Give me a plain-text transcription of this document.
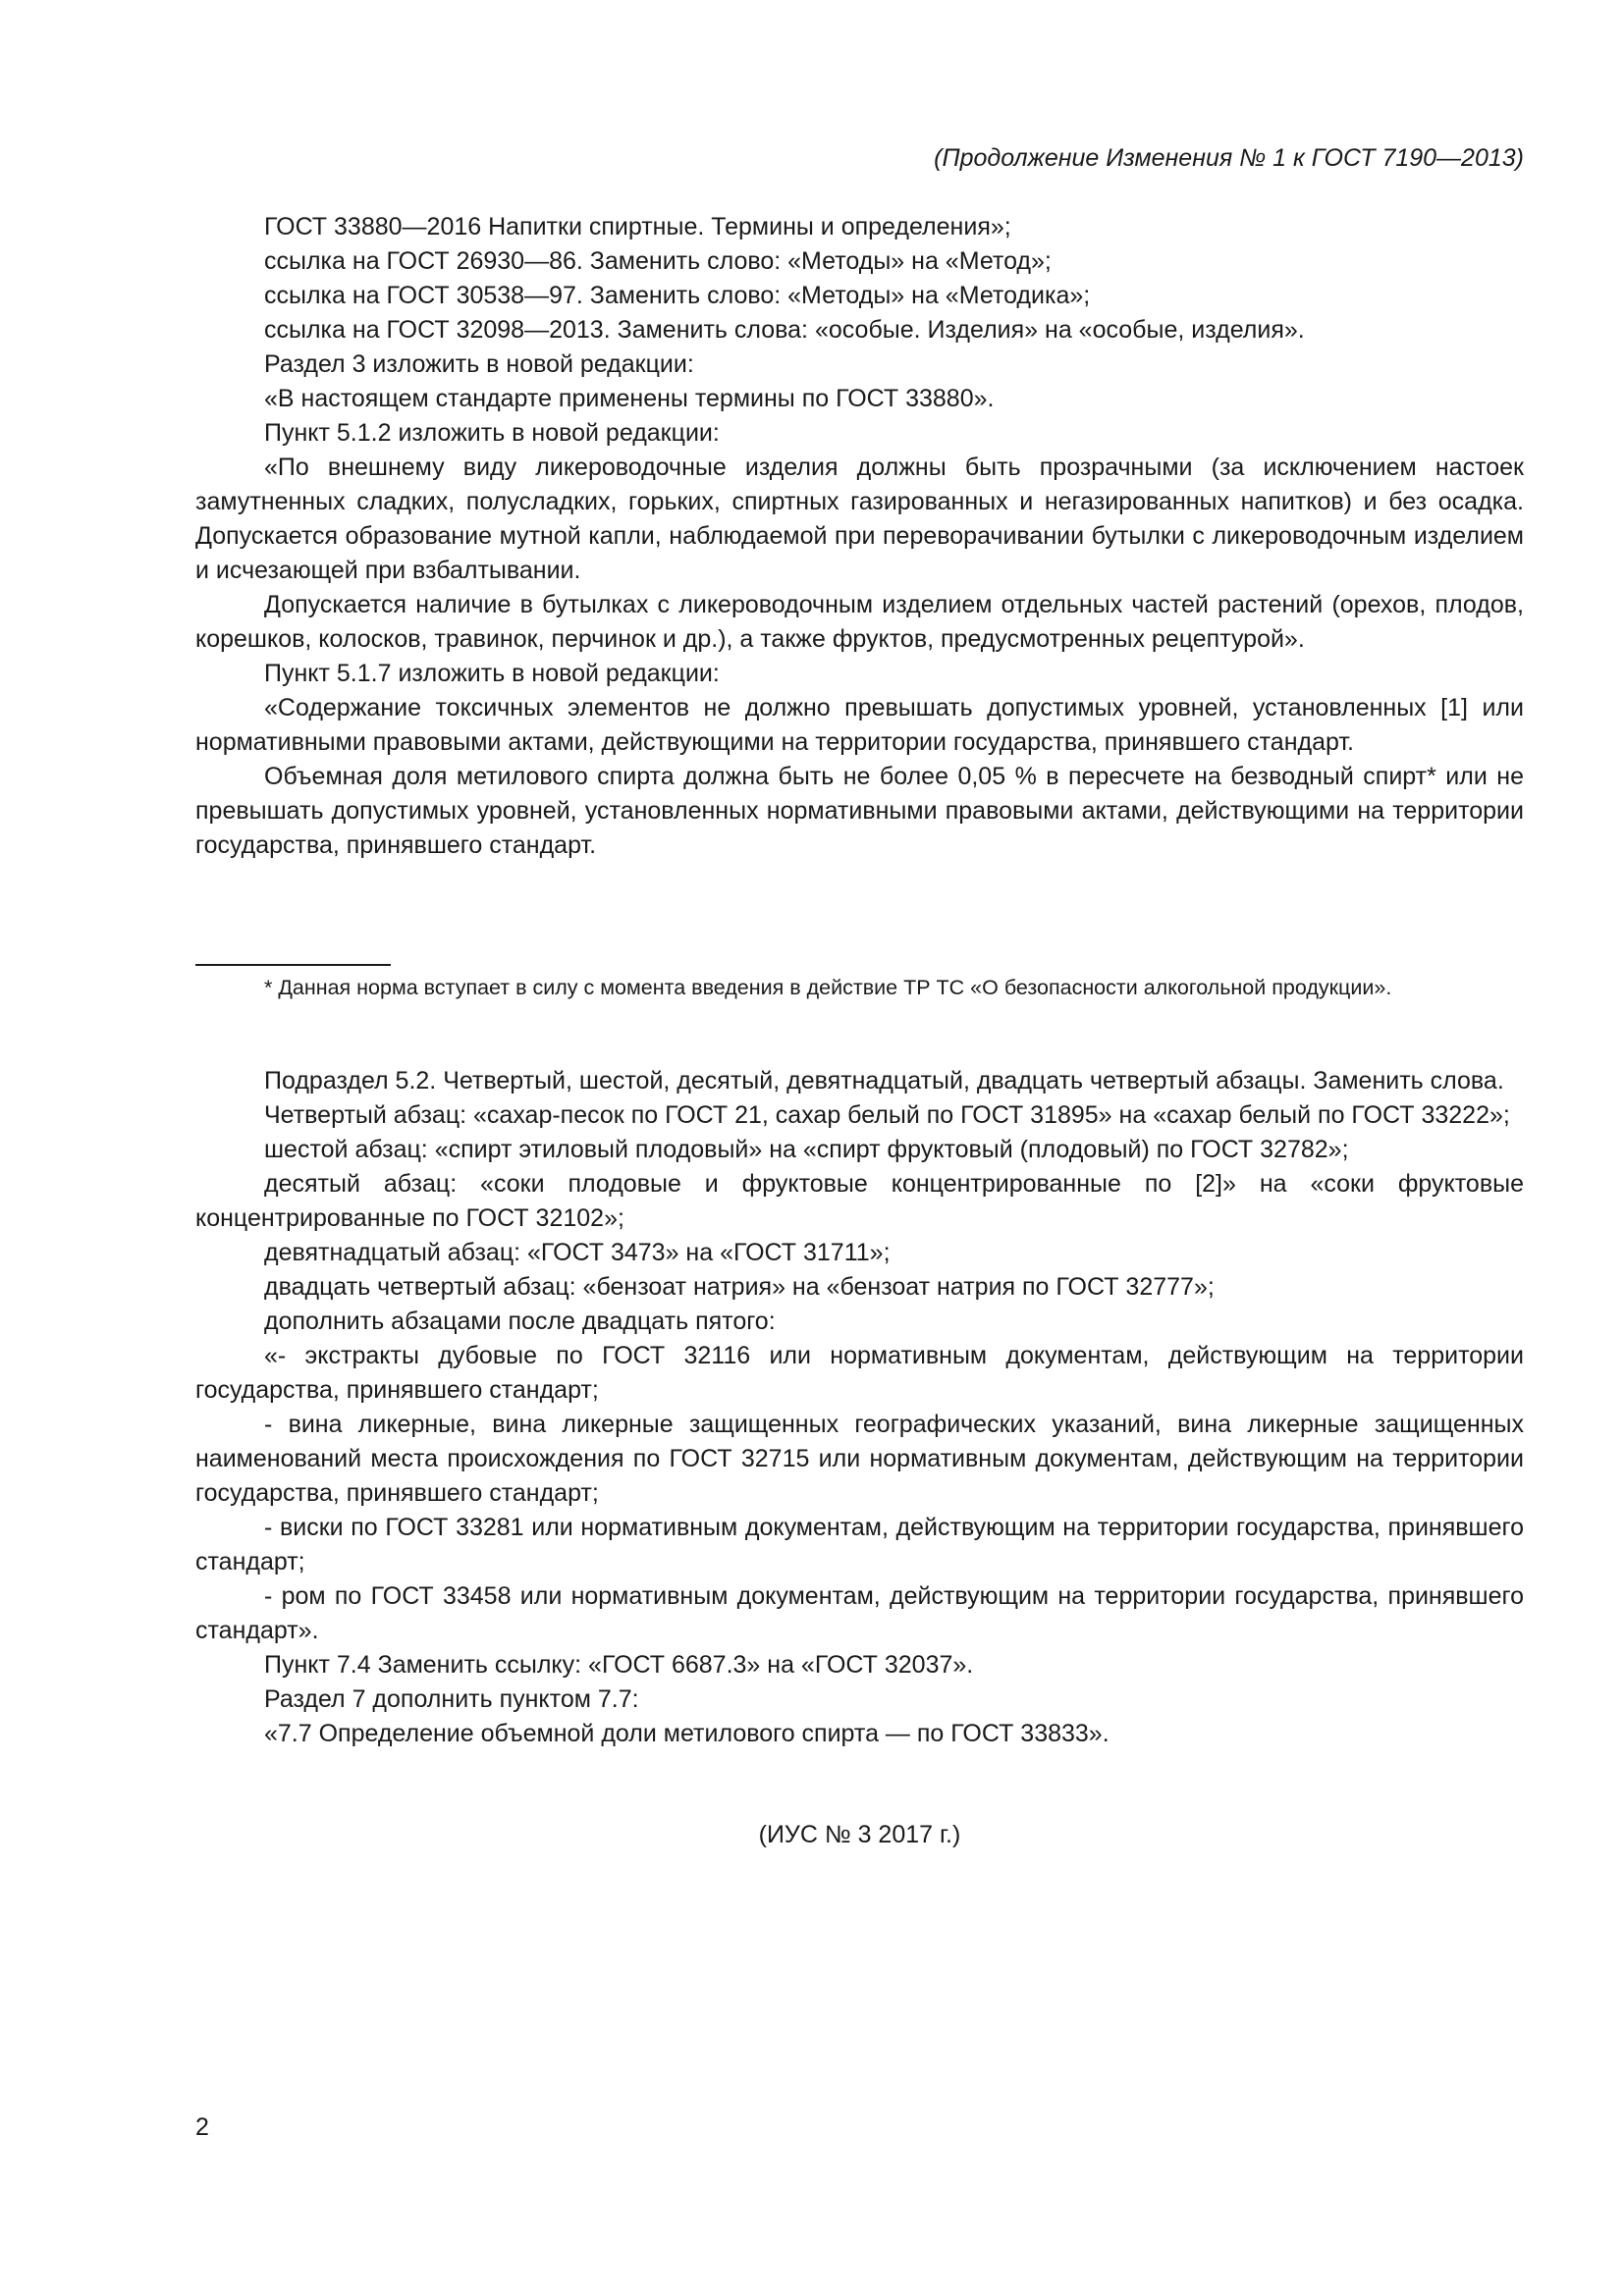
(Продолжение Изменения № 1 к ГОСТ 7190—2013)

ГОСТ 33880—2016 Напитки спиртные. Термины и определения»;

ссылка на ГОСТ 26930—86. Заменить слово: «Методы» на «Метод»;

ссылка на ГОСТ 30538—97. Заменить слово: «Методы» на «Методика»;

ссылка на ГОСТ 32098—2013. Заменить слова: «особые. Изделия» на «особые, изделия».

Раздел 3 изложить в новой редакции:

«В настоящем стандарте применены термины по ГОСТ 33880».

Пункт 5.1.2 изложить в новой редакции:

«По внешнему виду ликероводочные изделия должны быть прозрачными (за исключением настоек замутненных сладких, полусладких, горьких, спиртных газированных и негазированных напитков) и без осадка. Допускается образование мутной капли, наблюдаемой при переворачивании бутылки с ликероводочным изделием и исчезающей при взбалтывании.

Допускается наличие в бутылках с ликероводочным изделием отдельных частей растений (орехов, плодов, корешков, колосков, травинок, перчинок и др.), а также фруктов, предусмотренных рецептурой».

Пункт 5.1.7 изложить в новой редакции:

«Содержание токсичных элементов не должно превышать допустимых уровней, установленных [1] или нормативными правовыми актами, действующими на территории государства, принявшего стандарт.

Объемная доля метилового спирта должна быть не более 0,05 % в пересчете на безводный спирт* или не превышать допустимых уровней, установленных нормативными правовыми актами, действующими на территории государства, принявшего стандарт.

* Данная норма вступает в силу с момента введения в действие ТР ТС «О безопасности алкогольной продукции».

Подраздел 5.2. Четвертый, шестой, десятый, девятнадцатый, двадцать четвертый абзацы. Заменить слова.

Четвертый абзац: «сахар-песок по ГОСТ 21, сахар белый по ГОСТ 31895» на «сахар белый по ГОСТ 33222»;

шестой абзац: «спирт этиловый плодовый» на «спирт фруктовый (плодовый) по ГОСТ 32782»;

десятый абзац: «соки плодовые и фруктовые концентрированные по [2]» на «соки фруктовые концентрированные по ГОСТ 32102»;

девятнадцатый абзац: «ГОСТ 3473» на «ГОСТ 31711»;

двадцать четвертый абзац: «бензоат натрия» на «бензоат натрия по ГОСТ 32777»;

дополнить абзацами после двадцать пятого:

«- экстракты дубовые по ГОСТ 32116 или нормативным документам, действующим на территории государства, принявшего стандарт;

- вина ликерные, вина ликерные защищенных географических указаний, вина ликерные защищенных наименований места происхождения по ГОСТ 32715 или нормативным документам, действующим на территории государства, принявшего стандарт;

- виски по ГОСТ 33281 или нормативным документам, действующим на территории государства, принявшего стандарт;

- ром по ГОСТ 33458 или нормативным документам, действующим на территории государства, принявшего стандарт».

Пункт 7.4 Заменить ссылку: «ГОСТ 6687.3» на «ГОСТ 32037».

Раздел 7 дополнить пунктом 7.7:

«7.7 Определение объемной доли метилового спирта — по ГОСТ 33833».

(ИУС № 3 2017 г.)
2
